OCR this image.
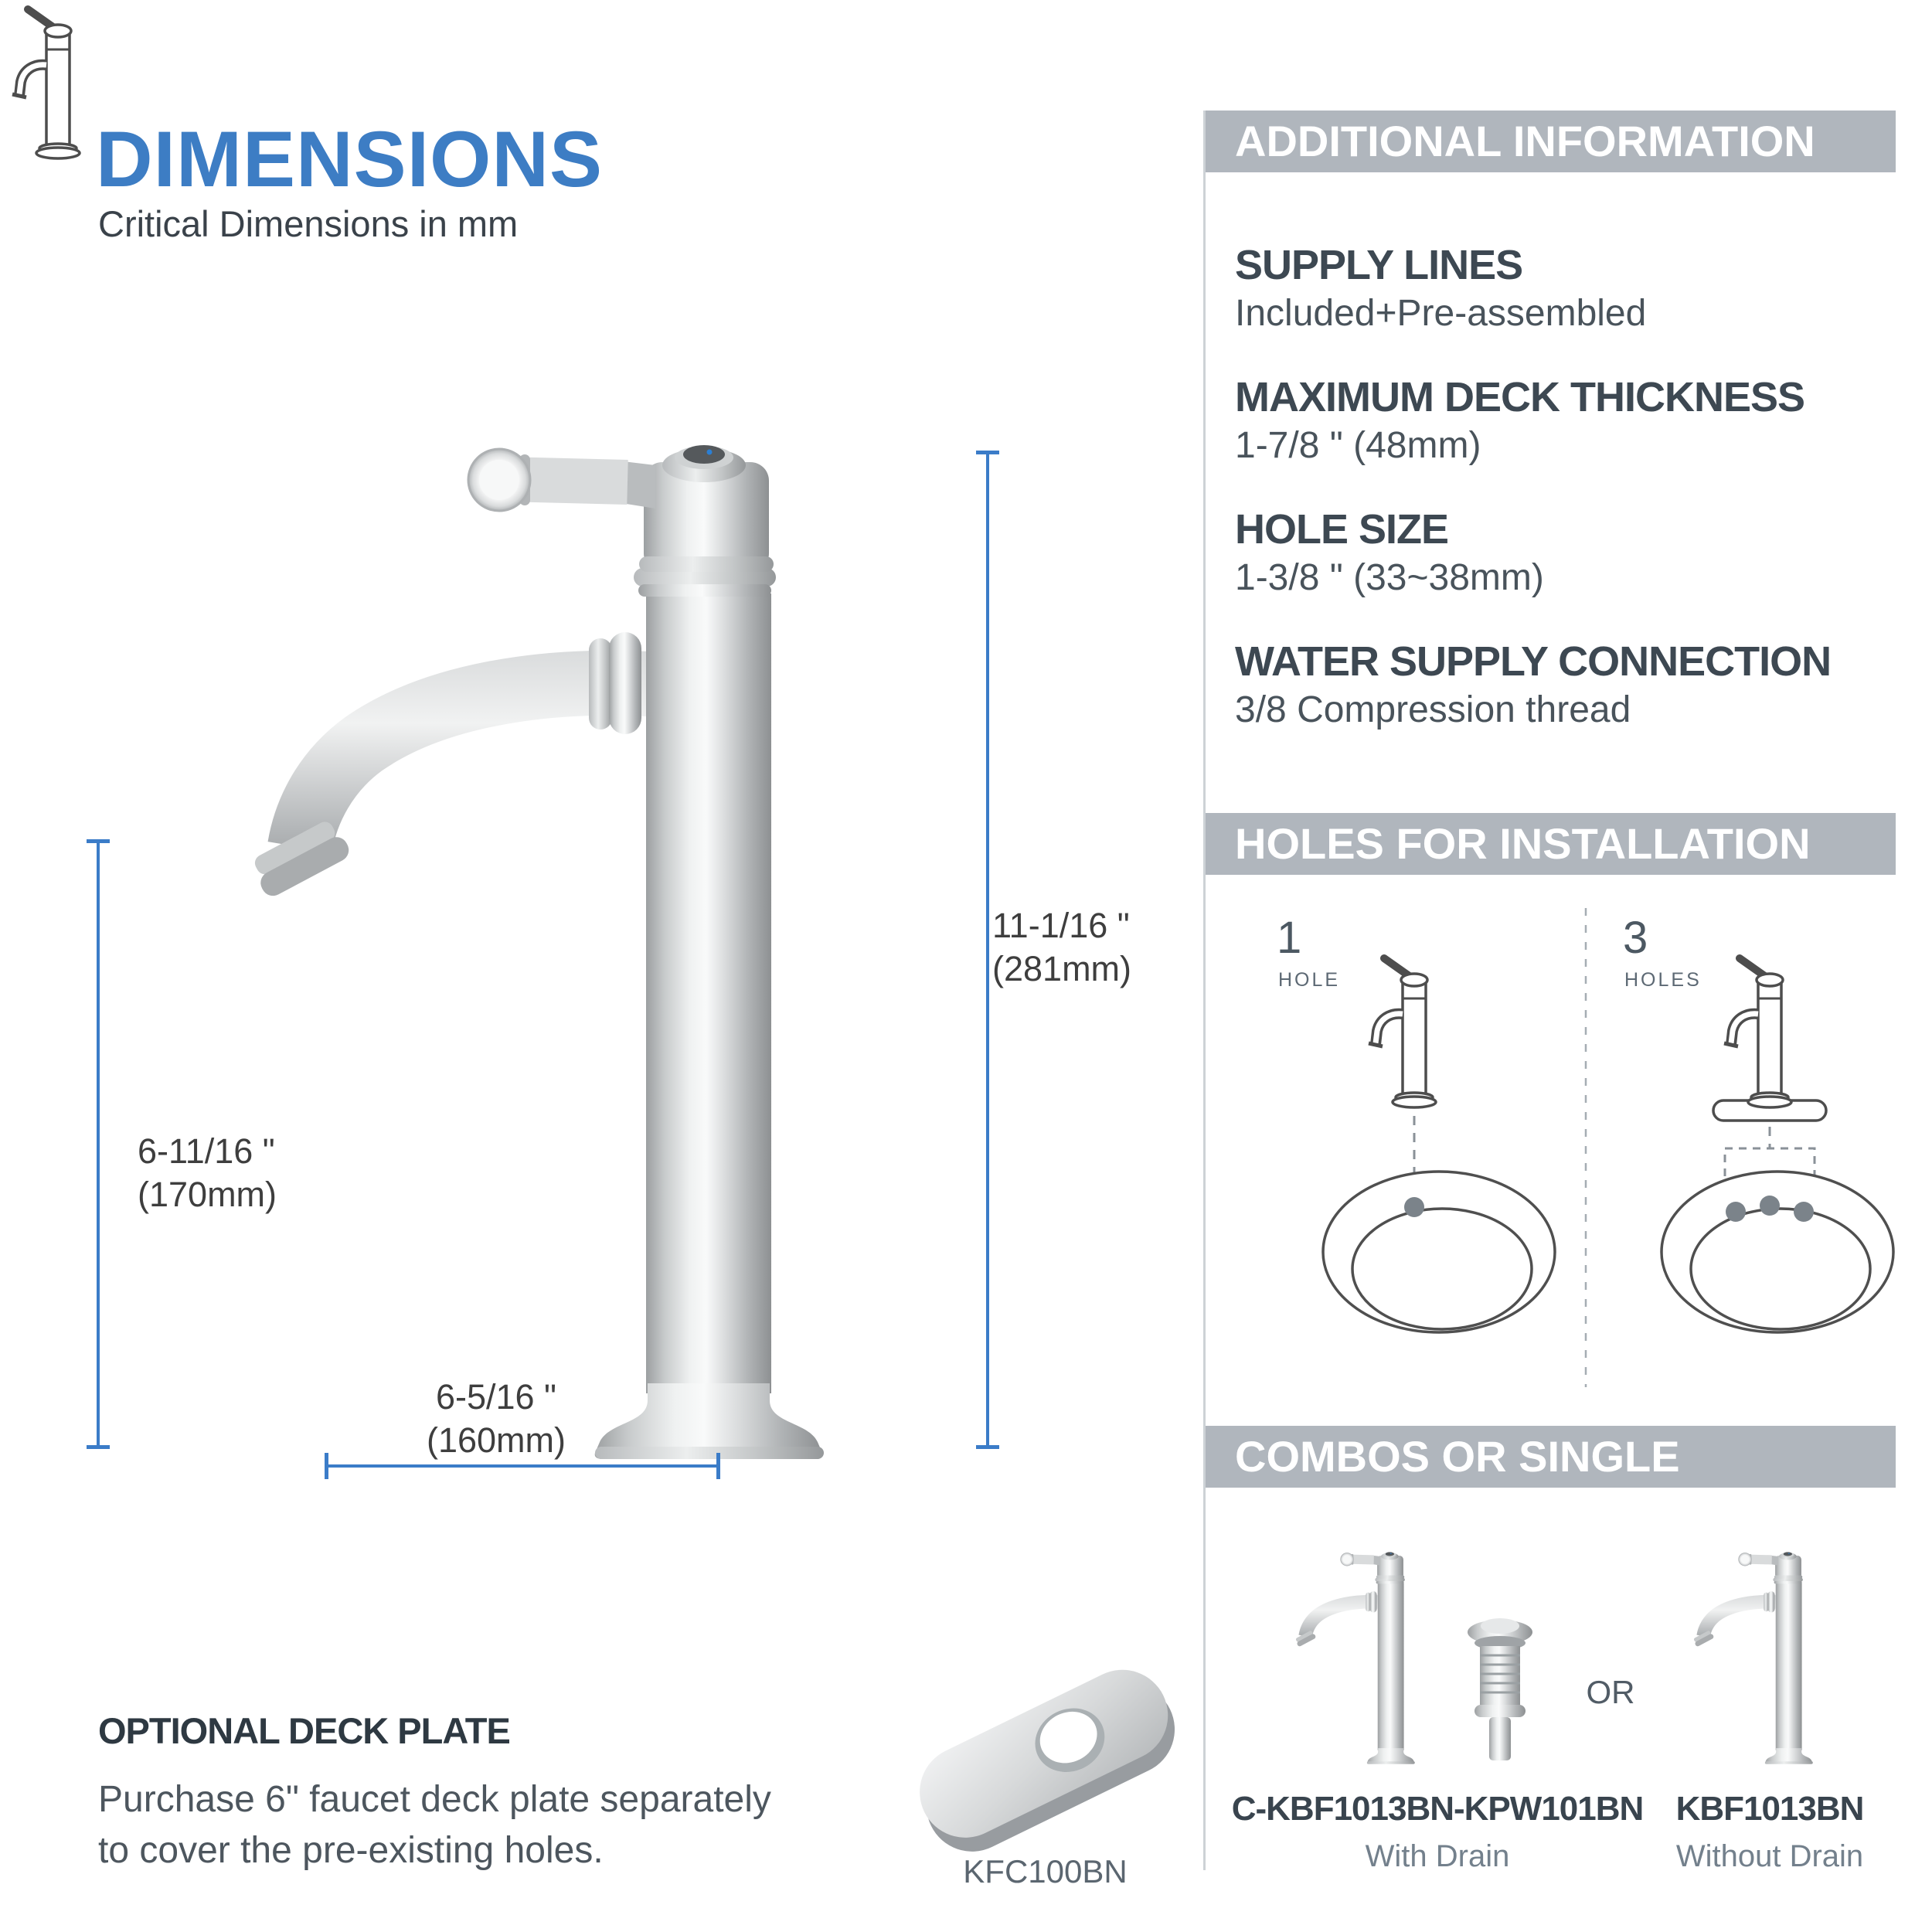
DIMENSIONS
Critical Dimensions in mm
6-11/16 "
(170mm)
11-1/16 "
(281mm)
6-5/16 "
(160mm)
OPTIONAL DECK PLATE
Purchase 6" faucet deck plate separately
to cover the pre-existing holes.
KFC100BN
ADDITIONAL INFORMATION
SUPPLY LINES
Included+Pre-assembled
MAXIMUM DECK THICKNESS
1-7/8 " (48mm)
HOLE SIZE
1-3/8 " (33~38mm)
WATER SUPPLY CONNECTION
3/8 Compression thread
HOLES FOR INSTALLATION
1
HOLE
3
HOLES
COMBOS OR SINGLE
OR
C-KBF1013BN-KPW101BN
With Drain
KBF1013BN
Without Drain
